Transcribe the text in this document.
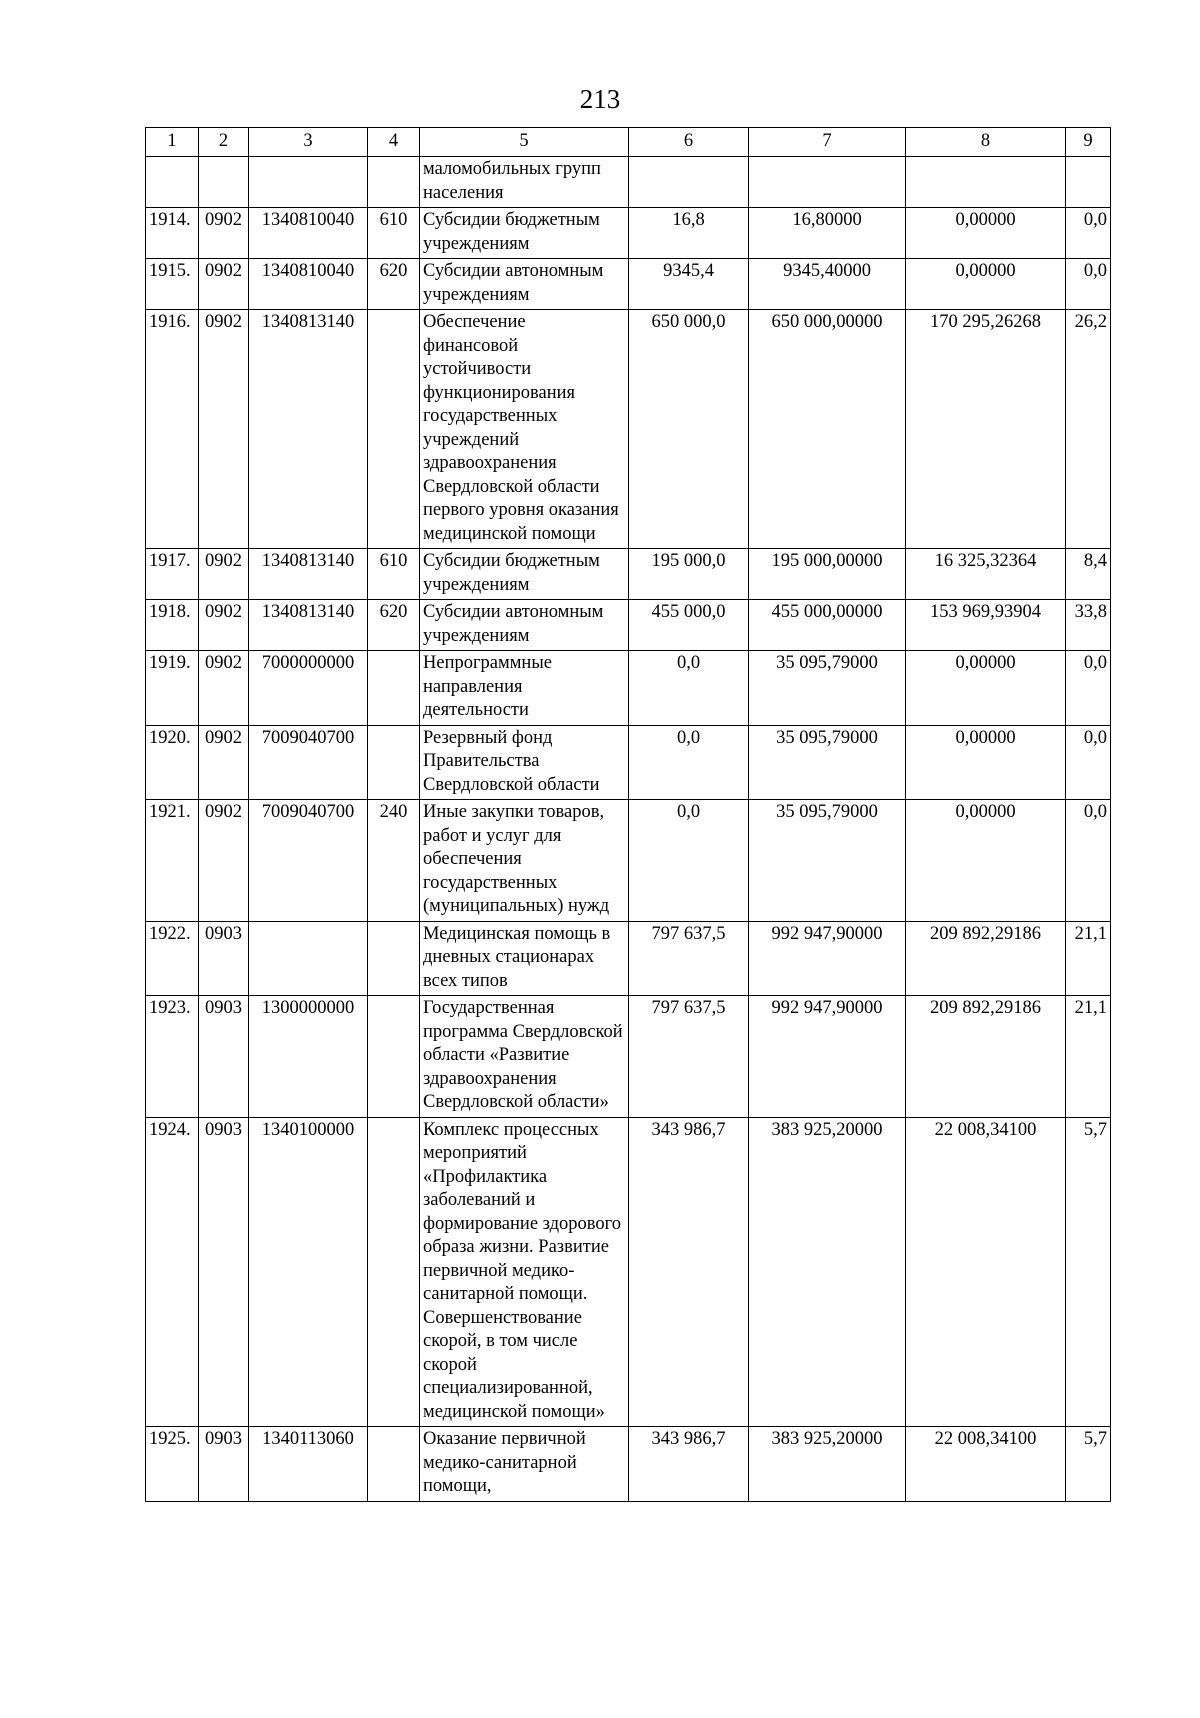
213
1	2	3	4	5	6	7	8	9
				маломобильных групп населения				
1914.	0902	1340810040	610	Субсидии бюджетным учреждениям	16,8	16,80000	0,00000	0,0
1915.	0902	1340810040	620	Субсидии автономным учреждениям	9345,4	9345,40000	0,00000	0,0
1916.	0902	1340813140		Обеспечение финансовой устойчивости функционирования государственных учреждений здравоохранения Свердловской области первого уровня оказания медицинской помощи	650 000,0	650 000,00000	170 295,26268	26,2
1917.	0902	1340813140	610	Субсидии бюджетным учреждениям	195 000,0	195 000,00000	16 325,32364	8,4
1918.	0902	1340813140	620	Субсидии автономным учреждениям	455 000,0	455 000,00000	153 969,93904	33,8
1919.	0902	7000000000		Непрограммные направления деятельности	0,0	35 095,79000	0,00000	0,0
1920.	0902	7009040700		Резервный фонд Правительства Свердловской области	0,0	35 095,79000	0,00000	0,0
1921.	0902	7009040700	240	Иные закупки товаров, работ и услуг для обеспечения государственных (муниципальных) нужд	0,0	35 095,79000	0,00000	0,0
1922.	0903			Медицинская помощь в дневных стационарах всех типов	797 637,5	992 947,90000	209 892,29186	21,1
1923.	0903	1300000000		Государственная программа Свердловской области «Развитие здравоохранения Свердловской области»	797 637,5	992 947,90000	209 892,29186	21,1
1924.	0903	1340100000		Комплекс процессных мероприятий «Профилактика заболеваний и формирование здорового образа жизни. Развитие первичной медико-санитарной помощи. Совершенствование скорой, в том числе скорой специализированной, медицинской помощи»	343 986,7	383 925,20000	22 008,34100	5,7
1925.	0903	1340113060		Оказание первичной медико-санитарной помощи,	343 986,7	383 925,20000	22 008,34100	5,7
